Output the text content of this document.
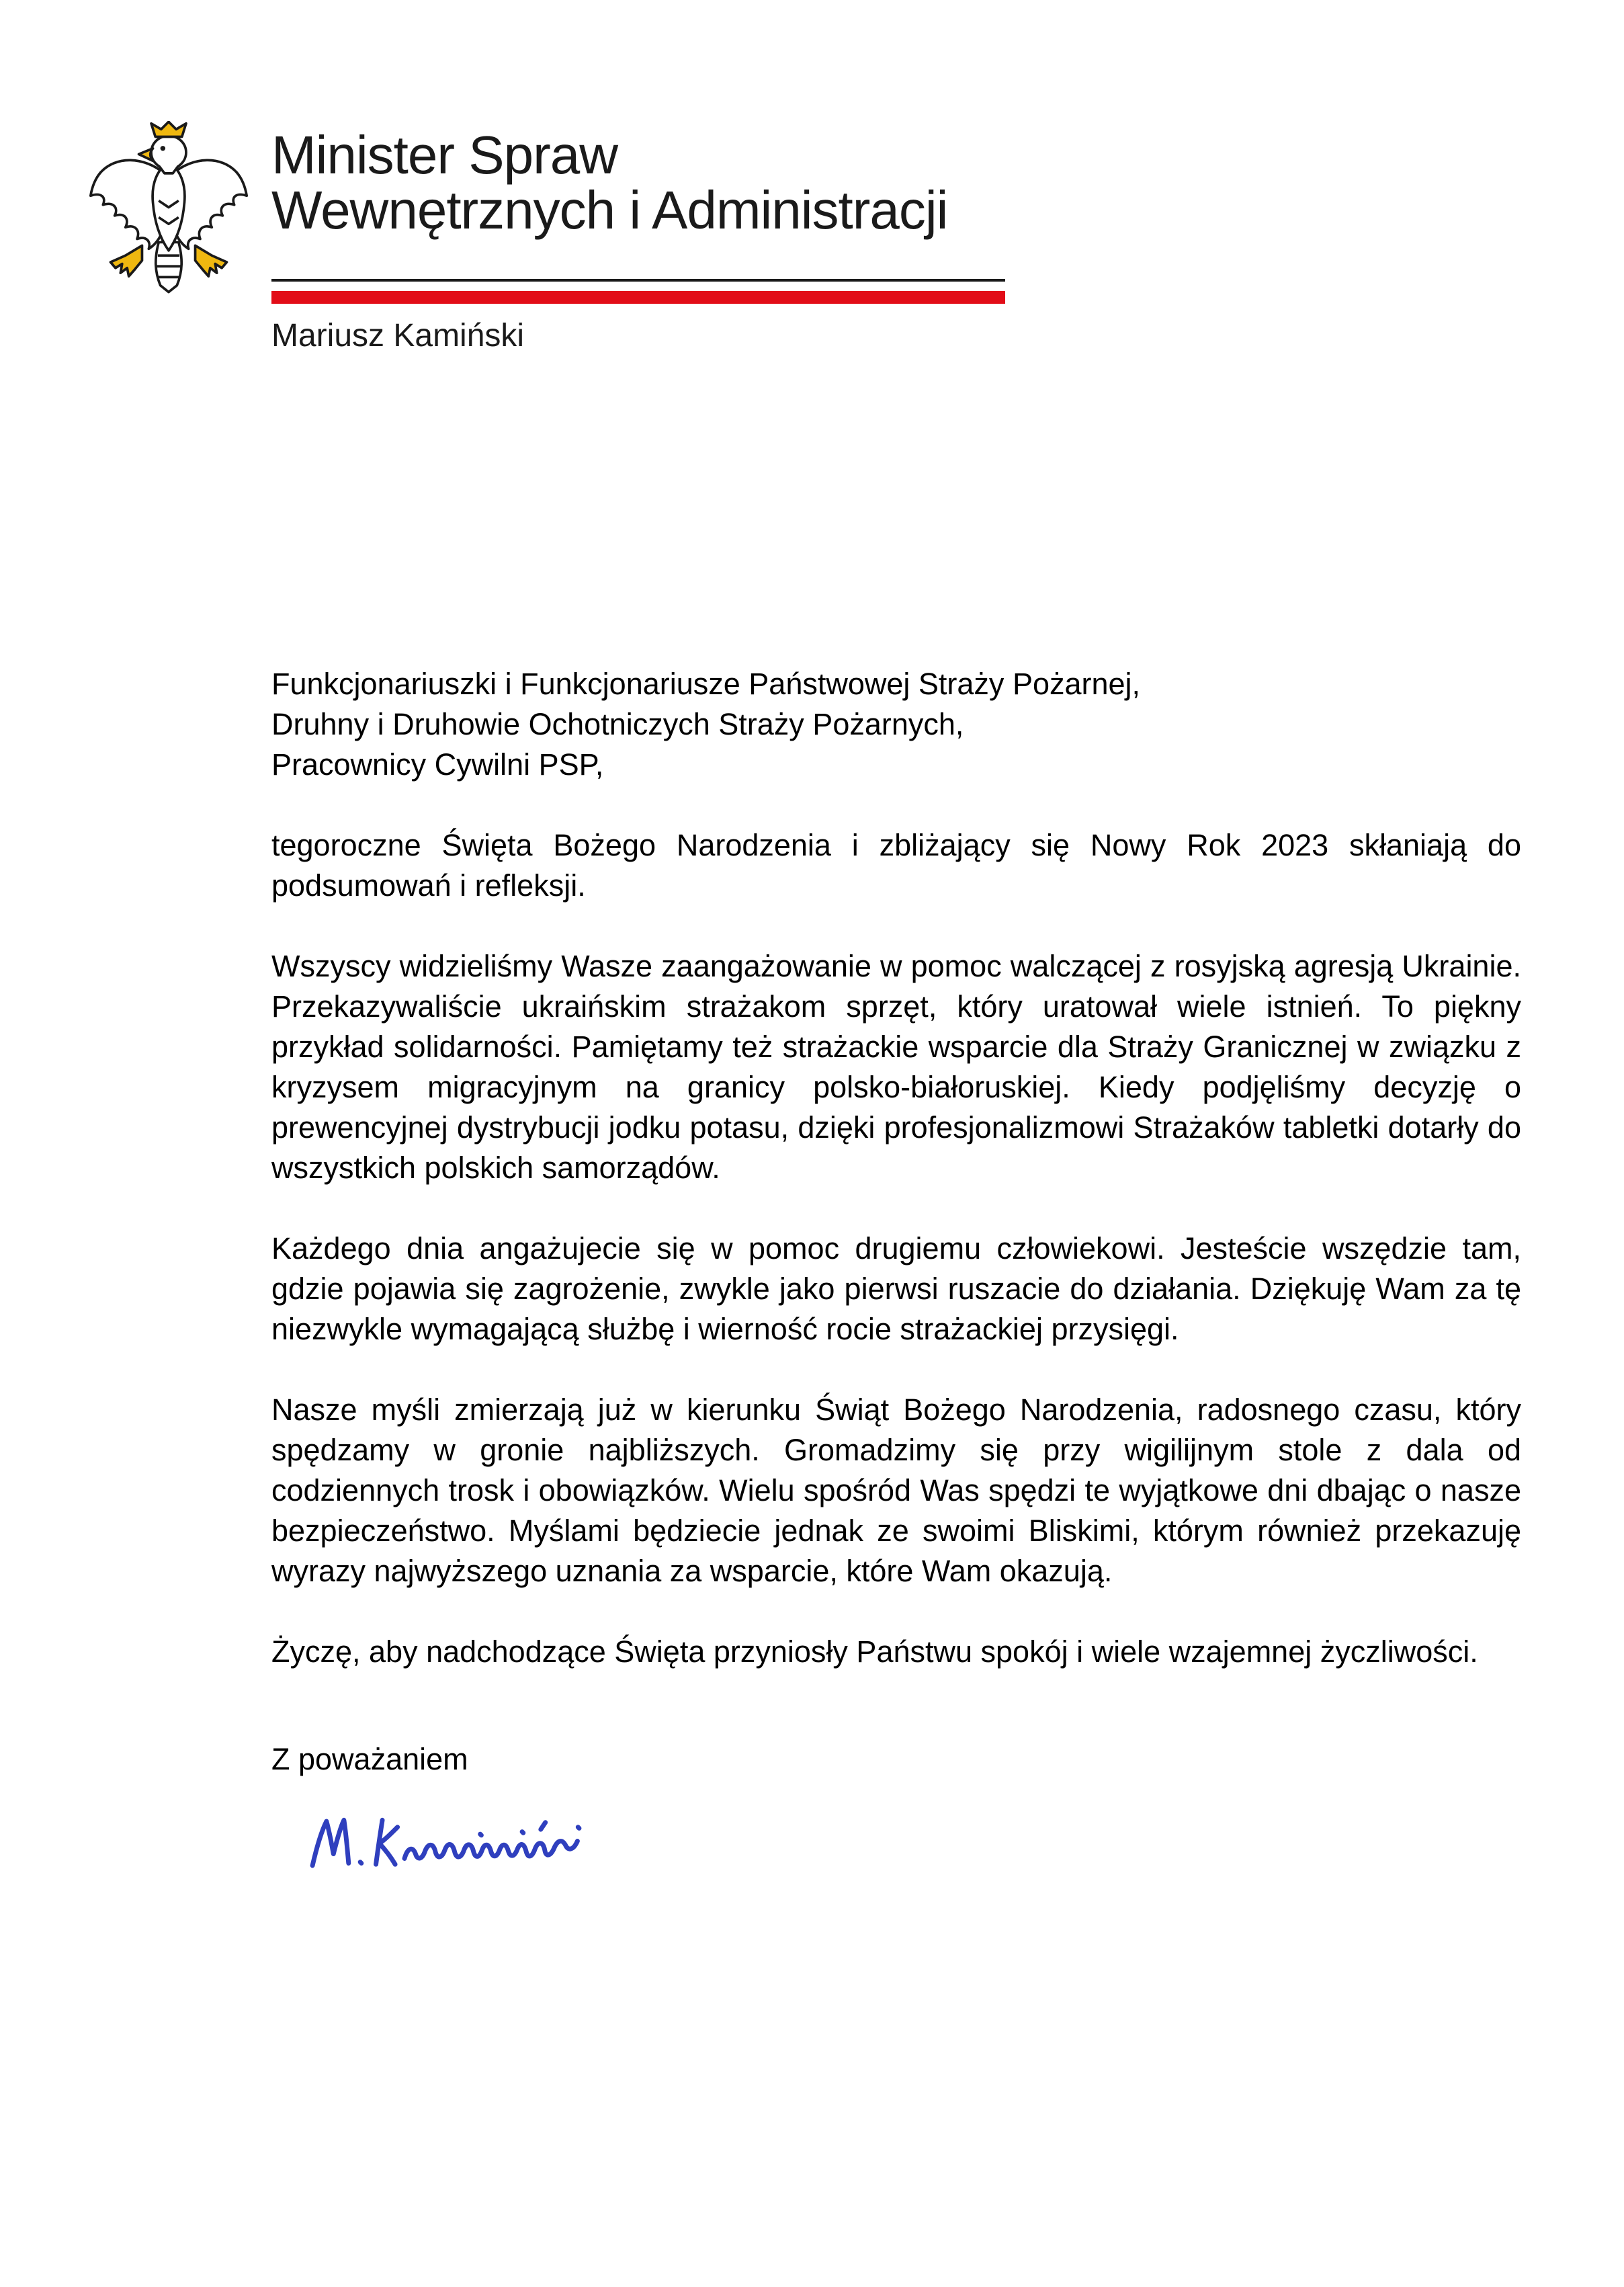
Minister Spraw
Wewnętrznych i Administracji
Mariusz Kamiński
Funkcjonariuszki i Funkcjonariusze Państwowej Straży Pożarnej,
Druhny i Druhowie Ochotniczych Straży Pożarnych,
Pracownicy Cywilni PSP,

tegoroczne Święta Bożego Narodzenia i zbliżający się Nowy Rok 2023 skłaniają do podsumowań i refleksji.

Wszyscy widzieliśmy Wasze zaangażowanie w pomoc walczącej z rosyjską agresją Ukrainie. Przekazywaliście ukraińskim strażakom sprzęt, który uratował wiele istnień. To piękny przykład solidarności. Pamiętamy też strażackie wsparcie dla Straży Granicznej w związku z kryzysem migracyjnym na granicy polsko-białoruskiej. Kiedy podjęliśmy decyzję o prewencyjnej dystrybucji jodku potasu, dzięki profesjonalizmowi Strażaków tabletki dotarły do wszystkich polskich samorządów.

Każdego dnia angażujecie się w pomoc drugiemu człowiekowi. Jesteście wszędzie tam, gdzie pojawia się zagrożenie, zwykle jako pierwsi ruszacie do działania. Dziękuję Wam za tę niezwykle wymagającą służbę i wierność rocie strażackiej przysięgi.

Nasze myśli zmierzają już w kierunku Świąt Bożego Narodzenia, radosnego czasu, który spędzamy w gronie najbliższych. Gromadzimy się przy wigilijnym stole z dala od codziennych trosk i obowiązków. Wielu spośród Was spędzi te wyjątkowe dni dbając o nasze bezpieczeństwo. Myślami będziecie jednak ze swoimi Bliskimi, którym również przekazuję wyrazy najwyższego uznania za wsparcie, które Wam okazują.

Życzę, aby nadchodzące Święta przyniosły Państwu spokój i wiele wzajemnej życzliwości.

Z poważaniem
